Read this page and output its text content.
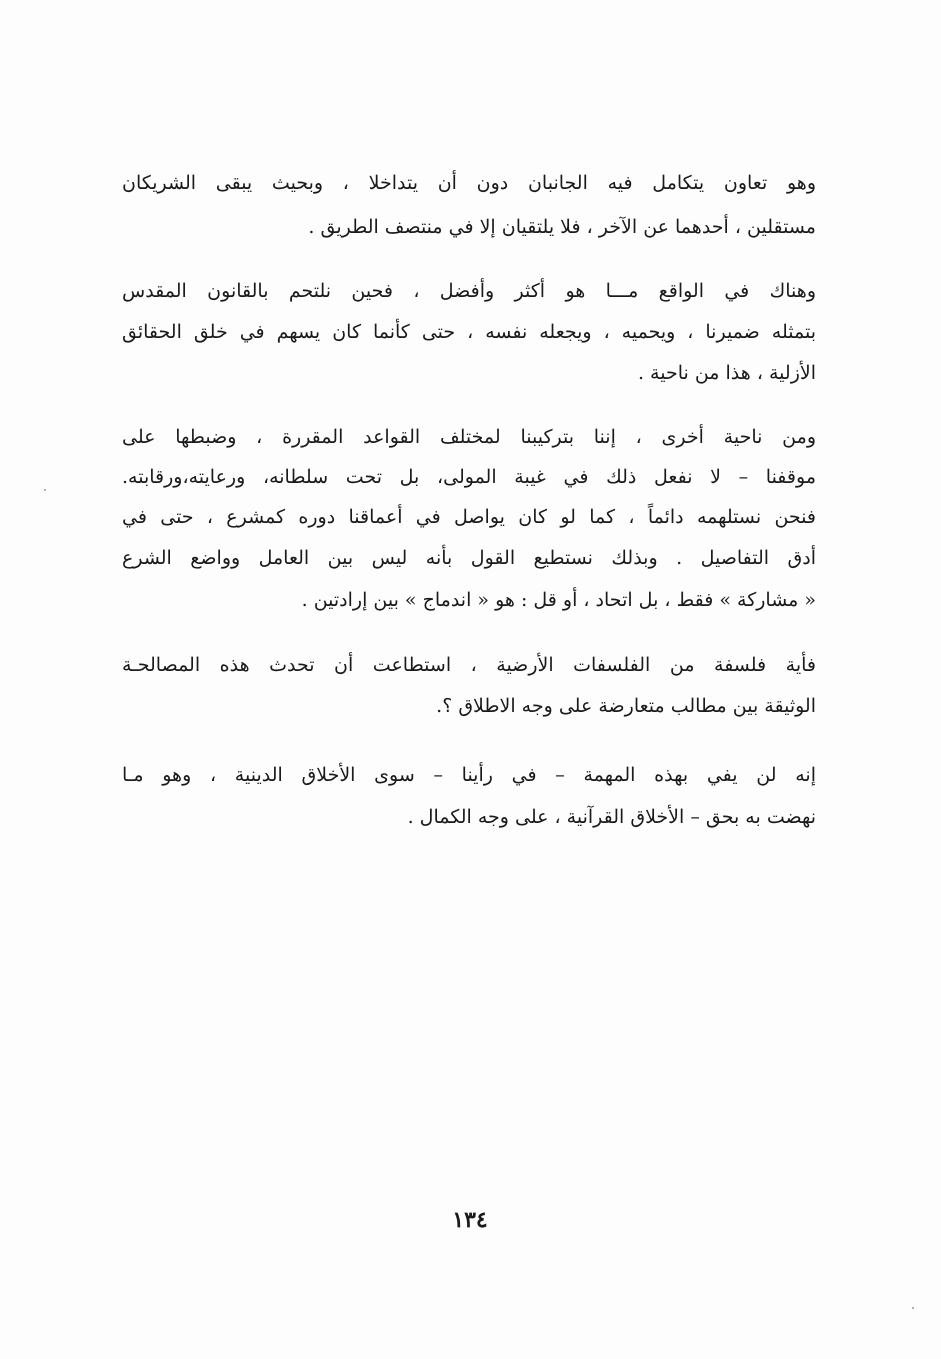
وهو تعاون يتكامل فيه الجانبان دون أن يتداخلا ، وبحيث يبقى الشريكان
مستقلين ، أحدهما عن الآخر ، فلا يلتقيان إلا في منتصف الطريق .
وهناك في الواقع مـــا هو أكثر وأفضل ، فحين نلتحم بالقانون المقدس
بتمثله ضميرنا ، ويحميه ، ويجعله نفسه ، حتى كأنما كان يسهم في خلق الحقائق
الأزلية ، هذا من ناحية .
ومن ناحية أخرى ، إننا بتركيبنا لمختلف القواعد المقررة ، وضبطها على
موقفنا – لا نفعل ذلك في غيبة المولى، بل تحت سلطانه، ورعايته،ورقابته.
فنحن نستلهمه دائماً ، كما لو كان يواصل في أعماقنا دوره كمشرع ، حتى في
أدق التفاصيل . وبذلك نستطيع القول بأنه ليس بين العامل وواضع الشرع
« مشاركة » فقط ، بل اتحاد ، أو قل : هو « اندماج » بين إرادتين .
فأية فلسفة من الفلسفات الأرضية ، استطاعت أن تحدث هذه المصالحـة
الوثيقة بين مطالب متعارضة على وجه الاطلاق ؟.
إنه لن يفي بهذه المهمة – في رأينا – سوى الأخلاق الدينية ، وهو مـا
نهضت به بحق – الأخلاق القرآنية ، على وجه الكمال .
١٣٤
